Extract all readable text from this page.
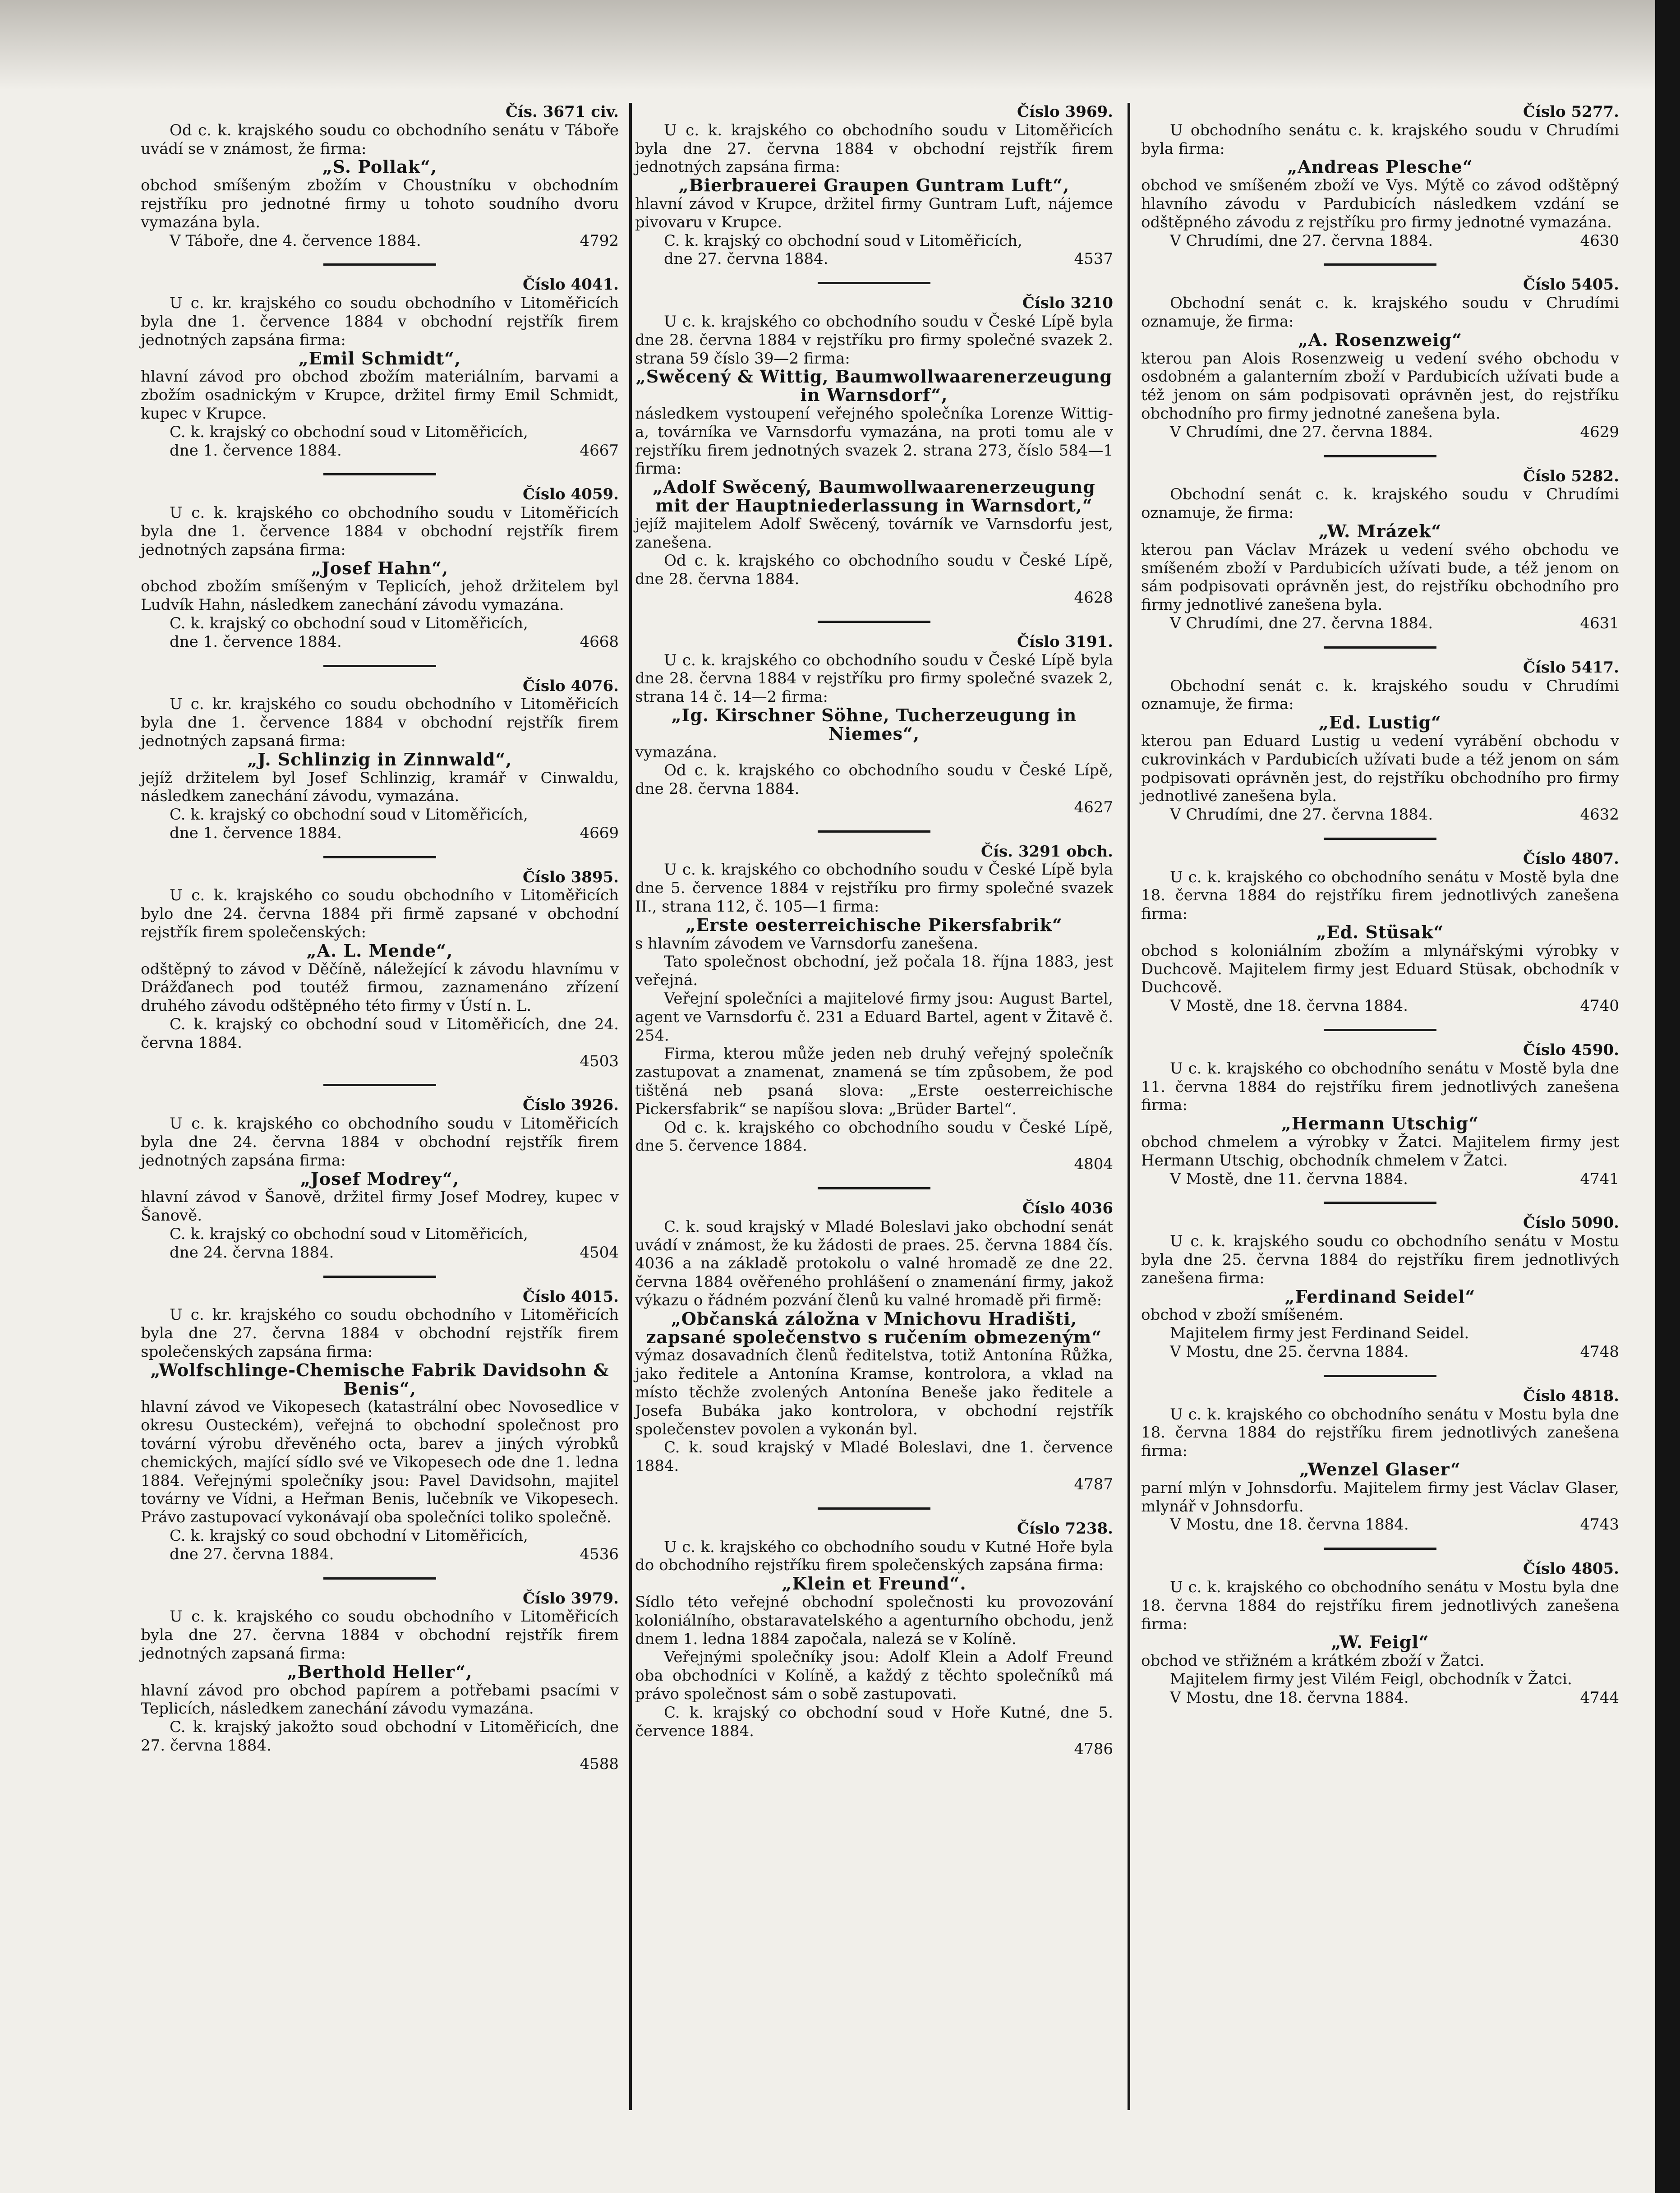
Čís. 3671 civ.

Od c. k. krajského soudu co obchodního senátu v Táboře uvádí se v známost, že firma:

„S. Pollak“,

obchod smíšeným zbožím v Choustníku v obchodním rejstříku pro jednotné firmy u tohoto soudního dvoru vymazána byla.

V Táboře, dne 4. července 1884.	4792
Číslo 4041.

U c. kr. krajského co soudu obchodního v Litoměřicích byla dne 1. července 1884 v obchodní rejstřík firem jednotných zapsána firma:

„Emil Schmidt“,

hlavní závod pro obchod zbožím materiálním, barvami a zbožím osadnickým v Krupce, držitel firmy Emil Schmidt, kupec v Krupce.

C. k. krajský co obchodní soud v Litoměřicích,

dne 1. července 1884.	4667
Číslo 4059.

U c. k. krajského co obchodního soudu v Litoměřicích byla dne 1. července 1884 v obchodní rejstřík firem jednotných zapsána firma:

„Josef Hahn“,

obchod zbožím smíšeným v Teplicích, jehož držitelem byl Ludvík Hahn, následkem zanechání závodu vymazána.

C. k. krajský co obchodní soud v Litoměřicích,

dne 1. července 1884.	4668
Číslo 4076.

U c. kr. krajského co soudu obchodního v Litoměřicích byla dne 1. července 1884 v obchodní rejstřík firem jednotných zapsaná firma:

„J. Schlinzig in Zinnwald“,

jejíž držitelem byl Josef Schlinzig, kramář v Cinwaldu, následkem zanechání závodu, vymazána.

C. k. krajský co obchodní soud v Litoměřicích,

dne 1. července 1884.	4669
Číslo 3895.

U c. k. krajského co soudu obchodního v Litoměřicích bylo dne 24. června 1884 při firmě zapsané v obchodní rejstřík firem společenských:

„A. L. Mende“,

odštěpný to závod v Děčíně, náležející k závodu hlavnímu v Drážďanech pod toutéž firmou, zaznamenáno zřízení druhého závodu odštěpného této firmy v Ústí n. L.

C. k. krajský co obchodní soud v Litoměřicích, dne 24. června 1884.

4503
Číslo 3926.

U c. k. krajského co obchodního soudu v Litoměřicích byla dne 24. června 1884 v obchodní rejstřík firem jednotných zapsána firma:

„Josef Modrey“,

hlavní závod v Šanově, držitel firmy Josef Modrey, kupec v Šanově.

C. k. krajský co obchodní soud v Litoměřicích,

dne 24. června 1884.	4504
Číslo 4015.

U c. kr. krajského co soudu obchodního v Litoměřicích byla dne 27. června 1884 v obchodní rejstřík firem společenských zapsána firma:

„Wolfschlinge-Chemische Fabrik Davidsohn & Benis“,

hlavní závod ve Vikopesech (katastrální obec Novosedlice v okresu Ousteckém), veřejná to obchodní společnost pro tovární výrobu dřevěného octa, barev a jiných výrobků chemických, mající sídlo své ve Vikopesech ode dne 1. ledna 1884. Veřejnými společníky jsou: Pavel Davidsohn, majitel továrny ve Vídni, a Heřman Benis, lučebník ve Vikopesech. Právo zastupovací vykonávají oba společníci toliko společně.

C. k. krajský co soud obchodní v Litoměřicích,

dne 27. června 1884.	4536
Číslo 3979.

U c. k. krajského co soudu obchodního v Litoměřicích byla dne 27. června 1884 v obchodní rejstřík firem jednotných zapsaná firma:

„Berthold Heller“,

hlavní závod pro obchod papírem a potřebami psacími v Teplicích, následkem zanechání závodu vymazána.

C. k. krajský jakožto soud obchodní v Litoměřicích, dne 27. června 1884.

4588
Číslo 3969.

U c. k. krajského co obchodního soudu v Litoměřicích byla dne 27. června 1884 v obchodní rejstřík firem jednotných zapsána firma:

„Bierbrauerei Graupen Guntram Luft“,

hlavní závod v Krupce, držitel firmy Guntram Luft, nájemce pivovaru v Krupce.

C. k. krajský co obchodní soud v Litoměřicích,

dne 27. června 1884.	4537
Číslo 3210

U c. k. krajského co obchodního soudu v České Lípě byla dne 28. června 1884 v rejstříku pro firmy společné svazek 2. strana 59 číslo 39—2 firma:

„Swěcený & Wittig, Baumwollwaarenerzeugung in Warnsdorf“,

následkem vystoupení veřejného společníka Lorenze Wittig-a, továrníka ve Varnsdorfu vymazána, na proti tomu ale v rejstříku firem jednotných svazek 2. strana 273, číslo 584—1 firma:

„Adolf Swěcený, Baumwollwaarenerzeugung mit der Hauptniederlassung in Warnsdort,“

jejíž majitelem Adolf Swěcený, továrník ve Varnsdorfu jest, zanešena.

Od c. k. krajského co obchodního soudu v České Lípě, dne 28. června 1884.

4628
Číslo 3191.

U c. k. krajského co obchodního soudu v České Lípě byla dne 28. června 1884 v rejstříku pro firmy společné svazek 2, strana 14 č. 14—2 firma:

„Ig. Kirschner Söhne, Tucherzeugung in Niemes“,

vymazána.

Od c. k. krajského co obchodního soudu v České Lípě, dne 28. června 1884.

4627
Čís. 3291 obch.

U c. k. krajského co obchodního soudu v České Lípě byla dne 5. července 1884 v rejstříku pro firmy společné svazek II., strana 112, č. 105—1 firma:

„Erste oesterreichische Pikersfabrik“

s hlavním závodem ve Varnsdorfu zanešena.

Tato společnost obchodní, jež počala 18. října 1883, jest veřejná.

Veřejní společníci a majitelové firmy jsou: August Bartel, agent ve Varnsdorfu č. 231 a Eduard Bartel, agent v Žitavě č. 254.

Firma, kterou může jeden neb druhý veřejný společník zastupovat a znamenat, znamená se tím způsobem, že pod tištěná neb psaná slova: „Erste oesterreichische Pickersfabrik“ se napíšou slova: „Brüder Bartel“.

Od c. k. krajského co obchodního soudu v České Lípě, dne 5. července 1884.

4804
Číslo 4036

C. k. soud krajský v Mladé Boleslavi jako obchodní senát uvádí v známost, že ku žádosti de praes. 25. června 1884 čís. 4036 a na základě protokolu o valné hromadě ze dne 22. června 1884 ověřeného prohlášení o znamenání firmy, jakož výkazu o řádném pozvání členů ku valné hromadě při firmě:

„Občanská záložna v Mnichovu Hradišti, zapsané společenstvo s ručením obmezeným“

výmaz dosavadních členů ředitelstva, totiž Antonína Růžka, jako ředitele a Antonína Kramse, kontrolora, a vklad na místo těchže zvolených Antonína Beneše jako ředitele a Josefa Bubáka jako kontrolora, v obchodní rejstřík společenstev povolen a vykonán byl.

C. k. soud krajský v Mladé Boleslavi, dne 1. července 1884.

4787
Číslo 7238.

U c. k. krajského co obchodního soudu v Kutné Hoře byla do obchodního rejstříku firem společenských zapsána firma:

„Klein et Freund“.

Sídlo této veřejné obchodní společnosti ku provozování koloniálního, obstaravatelského a agenturního obchodu, jenž dnem 1. ledna 1884 započala, nalezá se v Kolíně.

Veřejnými společníky jsou: Adolf Klein a Adolf Freund oba obchodníci v Kolíně, a každý z těchto společníků má právo společnost sám o sobě zastupovati.

C. k. krajský co obchodní soud v Hoře Kutné, dne 5. července 1884.

4786
Číslo 5277.

U obchodního senátu c. k. krajského soudu v Chrudími byla firma:

„Andreas Plesche“

obchod ve smíšeném zboží ve Vys. Mýtě co závod odštěpný hlavního závodu v Pardubicích následkem vzdání se odštěpného závodu z rejstříku pro firmy jednotné vymazána.

V Chrudími, dne 27. června 1884.	4630
Číslo 5405.

Obchodní senát c. k. krajského soudu v Chrudími oznamuje, že firma:

„A. Rosenzweig“

kterou pan Alois Rosenzweig u vedení svého obchodu v osdobném a galanterním zboží v Pardubicích užívati bude a též jenom on sám podpisovati oprávněn jest, do rejstříku obchodního pro firmy jednotné zanešena byla.

V Chrudími, dne 27. června 1884.	4629
Číslo 5282.

Obchodní senát c. k. krajského soudu v Chrudími oznamuje, že firma:

„W. Mrázek“

kterou pan Václav Mrázek u vedení svého obchodu ve smíšeném zboží v Pardubicích užívati bude, a též jenom on sám podpisovati oprávněn jest, do rejstříku obchodního pro firmy jednotlivé zanešena byla.

V Chrudími, dne 27. června 1884.	4631
Číslo 5417.

Obchodní senát c. k. krajského soudu v Chrudími oznamuje, že firma:

„Ed. Lustig“

kterou pan Eduard Lustig u vedení vyrábění obchodu v cukrovinkách v Pardubicích užívati bude a též jenom on sám podpisovati oprávněn jest, do rejstříku obchodního pro firmy jednotlivé zanešena byla.

V Chrudími, dne 27. června 1884.	4632
Číslo 4807.

U c. k. krajského co obchodního senátu v Mostě byla dne 18. června 1884 do rejstříku firem jednotlivých zanešena firma:

„Ed. Stüsak“

obchod s koloniálním zbožím a mlynářskými výrobky v Duchcově. Majitelem firmy jest Eduard Stüsak, obchodník v Duchcově.

V Mostě, dne 18. června 1884.	4740
Číslo 4590.

U c. k. krajského co obchodního senátu v Mostě byla dne 11. června 1884 do rejstříku firem jednotlivých zanešena firma:

„Hermann Utschig“

obchod chmelem a výrobky v Žatci. Majitelem firmy jest Hermann Utschig, obchodník chmelem v Žatci.

V Mostě, dne 11. června 1884.	4741
Číslo 5090.

U c. k. krajského soudu co obchodního senátu v Mostu byla dne 25. června 1884 do rejstříku firem jednotlivých zanešena firma:

„Ferdinand Seidel“

obchod v zboží smíšeném.

Majitelem firmy jest Ferdinand Seidel.

V Mostu, dne 25. června 1884.	4748
Číslo 4818.

U c. k. krajského co obchodního senátu v Mostu byla dne 18. června 1884 do rejstříku firem jednotlivých zanešena firma:

„Wenzel Glaser“

parní mlýn v Johnsdorfu. Majitelem firmy jest Václav Glaser, mlynář v Johnsdorfu.

V Mostu, dne 18. června 1884.	4743
Číslo 4805.

U c. k. krajského co obchodního senátu v Mostu byla dne 18. června 1884 do rejstříku firem jednotlivých zanešena firma:

„W. Feigl“

obchod ve střižném a krátkém zboží v Žatci.

Majitelem firmy jest Vilém Feigl, obchodník v Žatci.

V Mostu, dne 18. června 1884.	4744
